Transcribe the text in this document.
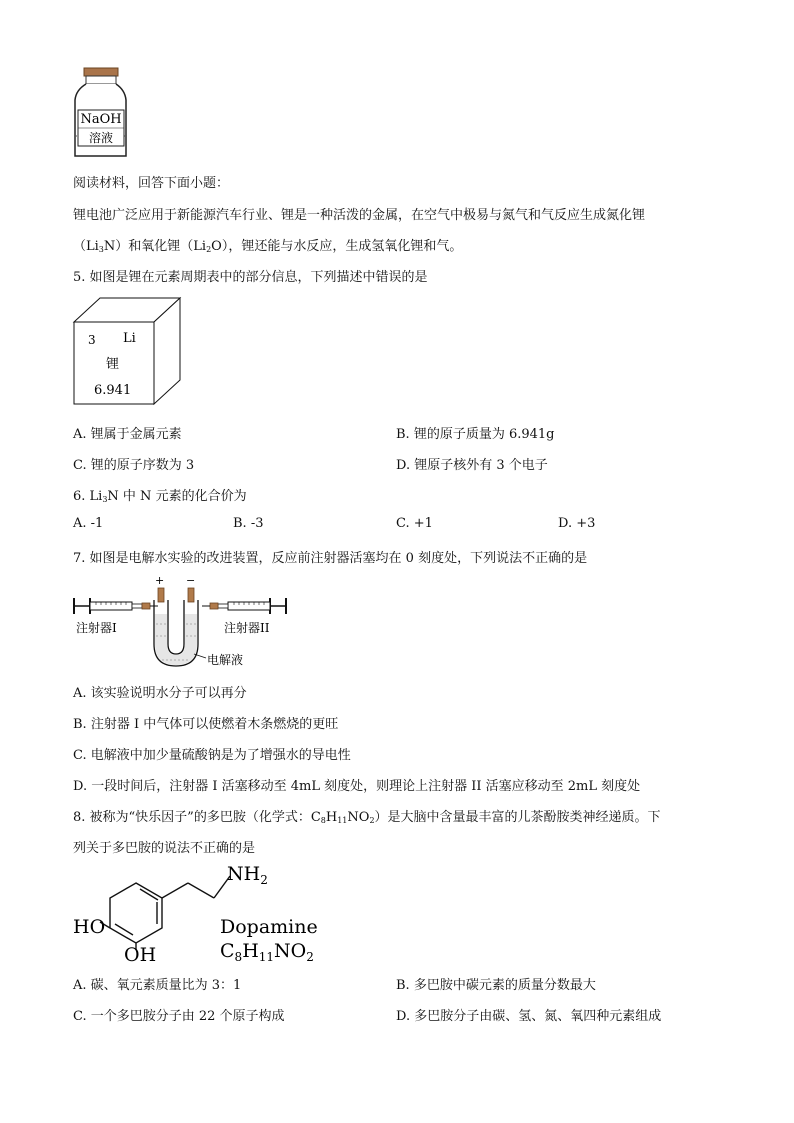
NaOH
溶液
阅读材料，回答下面小题：
锂电池广泛应用于新能源汽车行业、锂是一种活泼的金属，在空气中极易与氮气和气反应生成氮化锂
$(Li_3N)$和氧化锂$(Li_2O)$，锂还能与水反应，生成氢氧化锂和气。
5. 如图是锂在元素周期表中的部分信息，下列描述中错误的是
3 Li
锂
6.941
A. 锂属于金属元素	B. 锂的原子质量为 6.941g
C. 锂的原子序数为 3	D. 锂原子核外有 3 个电子
6. $Li_3N$ 中 N 元素的化合价为
A. -1	B. -3	C. +1	D. +3
7. 如图是电解水实验的改进装置，反应前注射器活塞均在 0 刻度处，下列说法不正确的是
+ −
注射器I	注射器II
电解液
A. 该实验说明水分子可以再分
B. 注射器 I 中气体可以使燃着木条燃烧的更旺
C. 电解液中加少量硫酸钠是为了增强水的导电性
D. 一段时间后，注射器 I 活塞移动至 4mL 刻度处，则理论上注射器 II 活塞应移动至 2mL 刻度处
8. 被称为“快乐因子”的多巴胺（化学式：$C_8H_{11}NO_2$）是大脑中含量最丰富的儿茶酚胺类神经递质。下
列关于多巴胺的说法不正确的是
$NH_2$
HO
OH
Dopamine
$C_8H_{11}NO_2$
A. 碳、氧元素质量比为 3：1	B. 多巴胺中碳元素的质量分数最大
C. 一个多巴胺分子由 22 个原子构成	D. 多巴胺分子由碳、氢、氮、氧四种元素组成
